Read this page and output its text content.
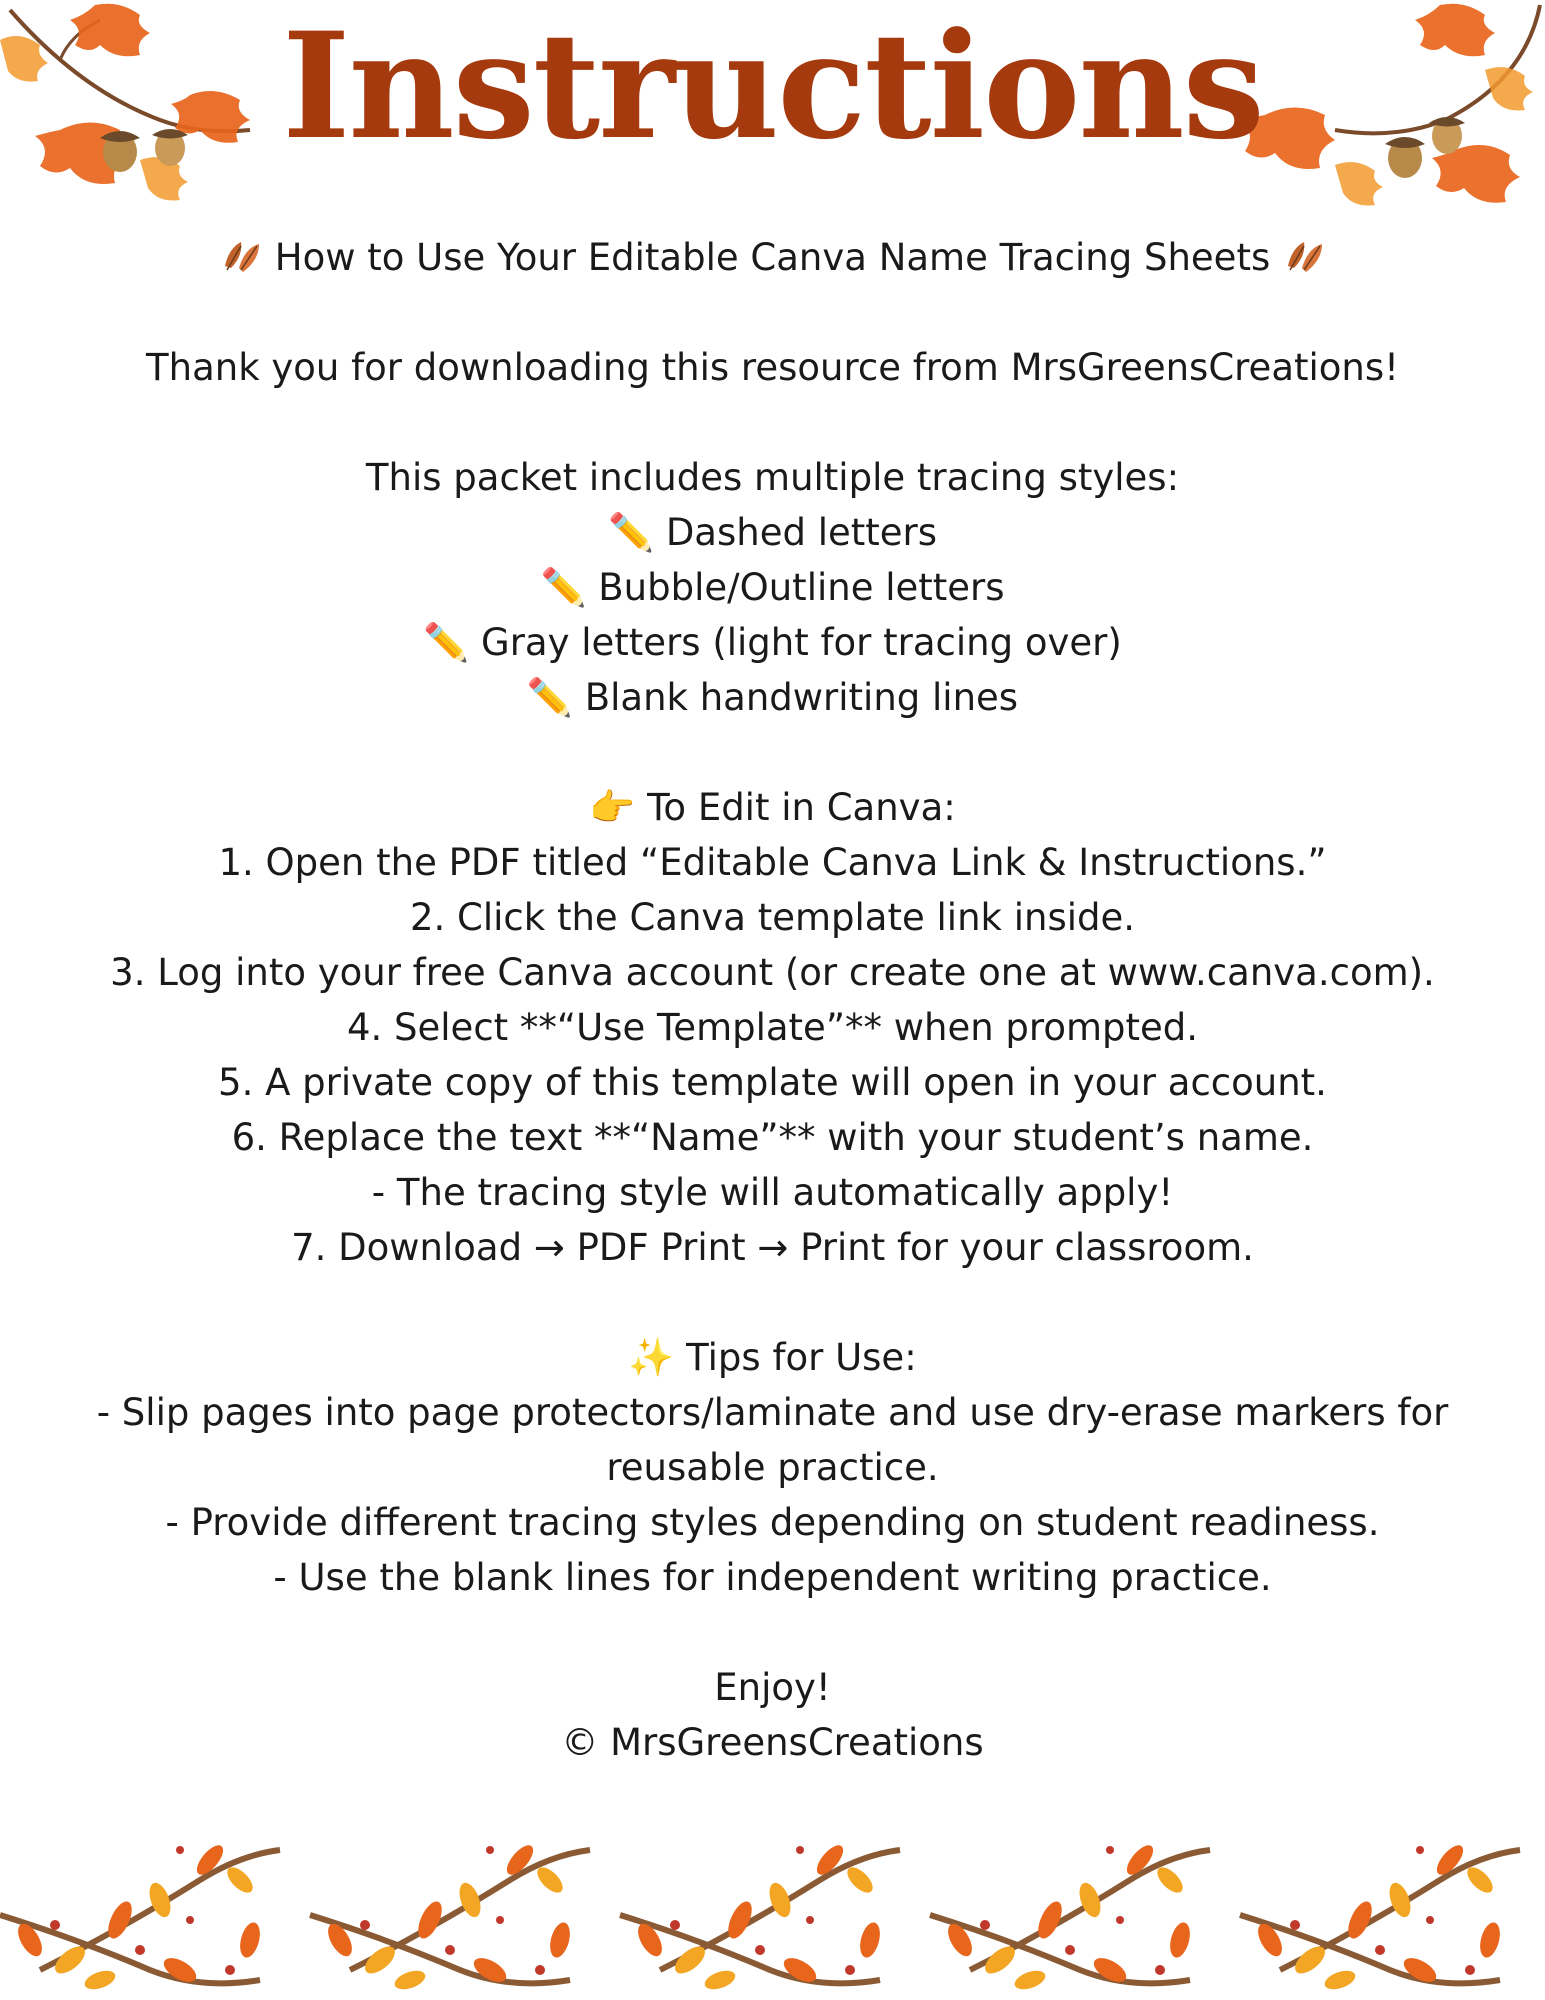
Instructions
How to Use Your Editable Canva Name Tracing Sheets
Thank you for downloading this resource from MrsGreensCreations!
This packet includes multiple tracing styles:
✏️ Dashed letters
✏️ Bubble/Outline letters
✏️ Gray letters (light for tracing over)
✏️ Blank handwriting lines
👉 To Edit in Canva:
1. Open the PDF titled “Editable Canva Link & Instructions.”
2. Click the Canva template link inside.
3. Log into your free Canva account (or create one at www.canva.com).
4. Select **“Use Template”** when prompted.
5. A private copy of this template will open in your account.
6. Replace the text **“Name”** with your student’s name.
- The tracing style will automatically apply!
7. Download → PDF Print → Print for your classroom.
✨ Tips for Use:
- Slip pages into page protectors/laminate and use dry-erase markers for
reusable practice.
- Provide different tracing styles depending on student readiness.
- Use the blank lines for independent writing practice.
Enjoy!
© MrsGreensCreations
